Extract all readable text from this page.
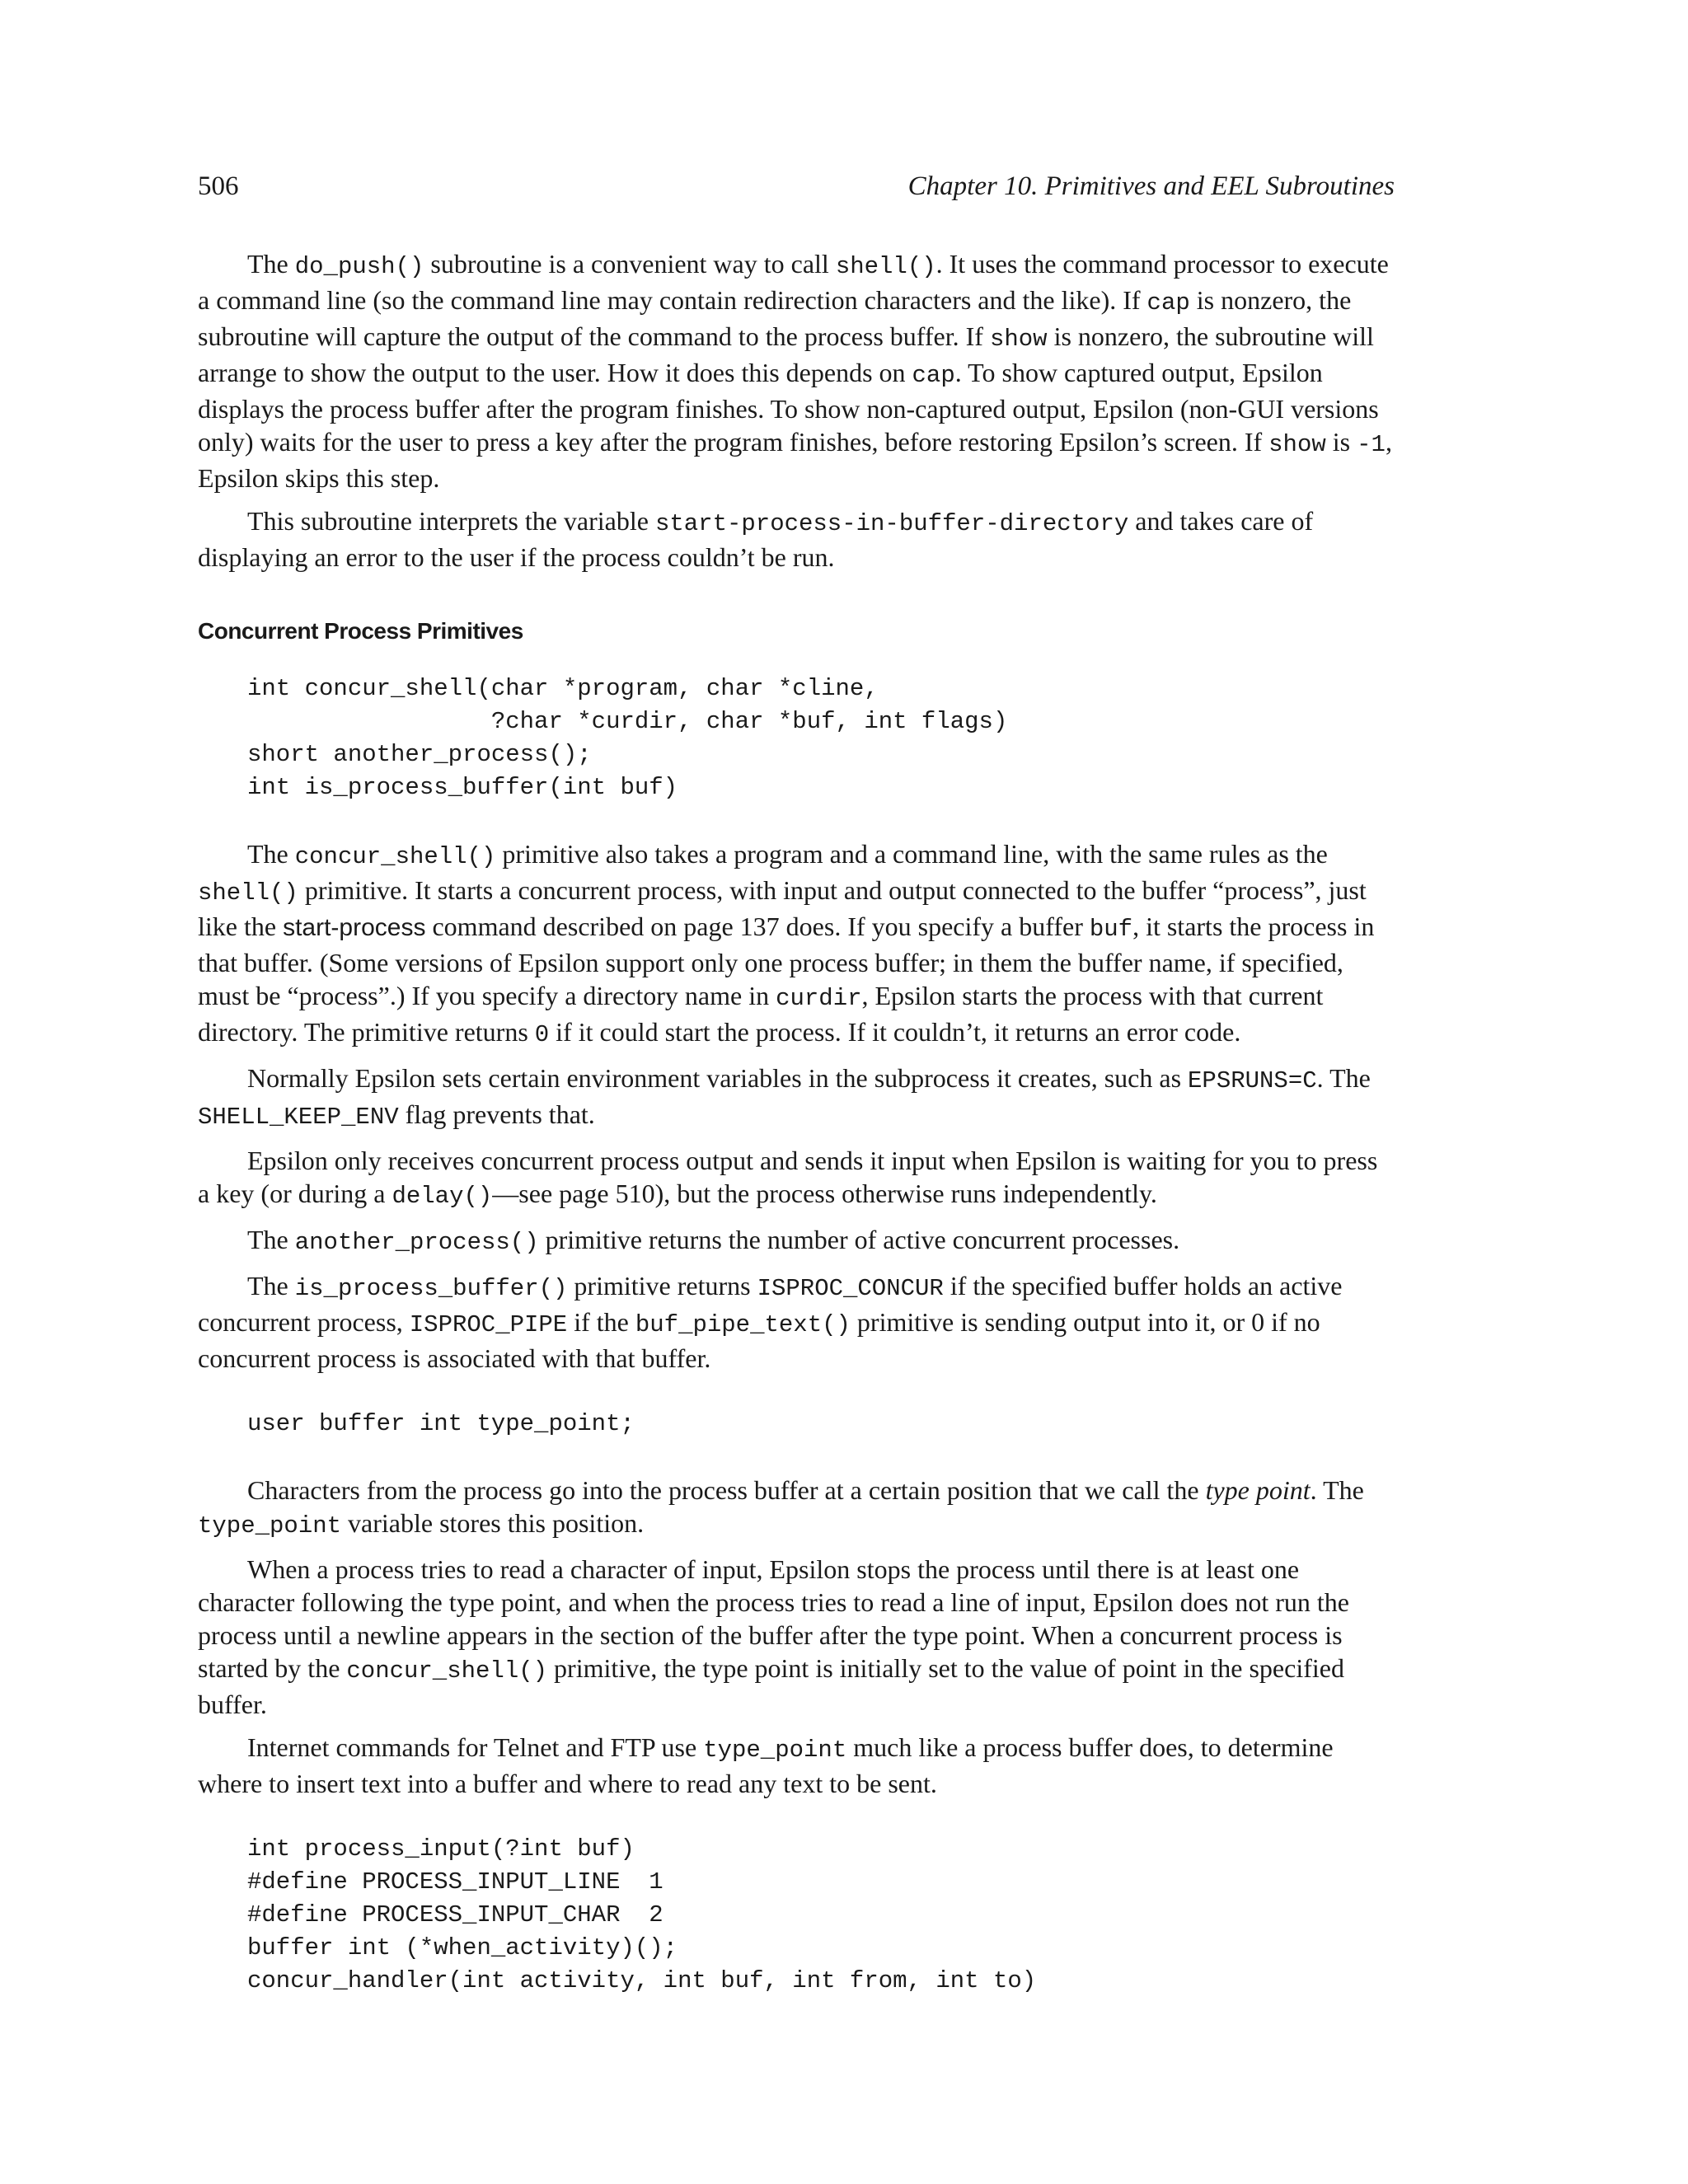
506	Chapter 10. Primitives and EEL Subroutines

The do_push() subroutine is a convenient way to call shell(). It uses the command processor to execute a command line (so the command line may contain redirection characters and the like). If cap is nonzero, the subroutine will capture the output of the command to the process buffer. If show is nonzero, the subroutine will arrange to show the output to the user. How it does this depends on cap. To show captured output, Epsilon displays the process buffer after the program finishes. To show non-captured output, Epsilon (non-GUI versions only) waits for the user to press a key after the program finishes, before restoring Epsilon’s screen. If show is -1, Epsilon skips this step.

This subroutine interprets the variable start-process-in-buffer-directory and takes care of displaying an error to the user if the process couldn’t be run.

Concurrent Process Primitives
int concur_shell(char *program, char *cline,
?char *curdir, char *buf, int flags)
short another_process();
int is_process_buffer(int buf)

The concur_shell() primitive also takes a program and a command line, with the same rules as the shell() primitive. It starts a concurrent process, with input and output connected to the buffer “process”, just like the start-process command described on page 137 does. If you specify a buffer buf, it starts the process in that buffer. (Some versions of Epsilon support only one process buffer; in them the buffer name, if specified, must be “process”.) If you specify a directory name in curdir, Epsilon starts the process with that current directory. The primitive returns 0 if it could start the process. If it couldn’t, it returns an error code.

Normally Epsilon sets certain environment variables in the subprocess it creates, such as EPSRUNS=C. The SHELL_KEEP_ENV flag prevents that.

Epsilon only receives concurrent process output and sends it input when Epsilon is waiting for you to press a key (or during a delay()—see page 510), but the process otherwise runs independently.

The another_process() primitive returns the number of active concurrent processes.

The is_process_buffer() primitive returns ISPROC_CONCUR if the specified buffer holds an active concurrent process, ISPROC_PIPE if the buf_pipe_text() primitive is sending output into it, or 0 if no concurrent process is associated with that buffer.

user buffer int type_point;

Characters from the process go into the process buffer at a certain position that we call the type point. The type_point variable stores this position.

When a process tries to read a character of input, Epsilon stops the process until there is at least one character following the type point, and when the process tries to read a line of input, Epsilon does not run the process until a newline appears in the section of the buffer after the type point. When a concurrent process is started by the concur_shell() primitive, the type point is initially set to the value of point in the specified buffer.

Internet commands for Telnet and FTP use type_point much like a process buffer does, to determine where to insert text into a buffer and where to read any text to be sent.

int process_input(?int buf)
#define PROCESS_INPUT_LINE  1
#define PROCESS_INPUT_CHAR  2
buffer int (*when_activity)();
concur_handler(int activity, int buf, int from, int to)
